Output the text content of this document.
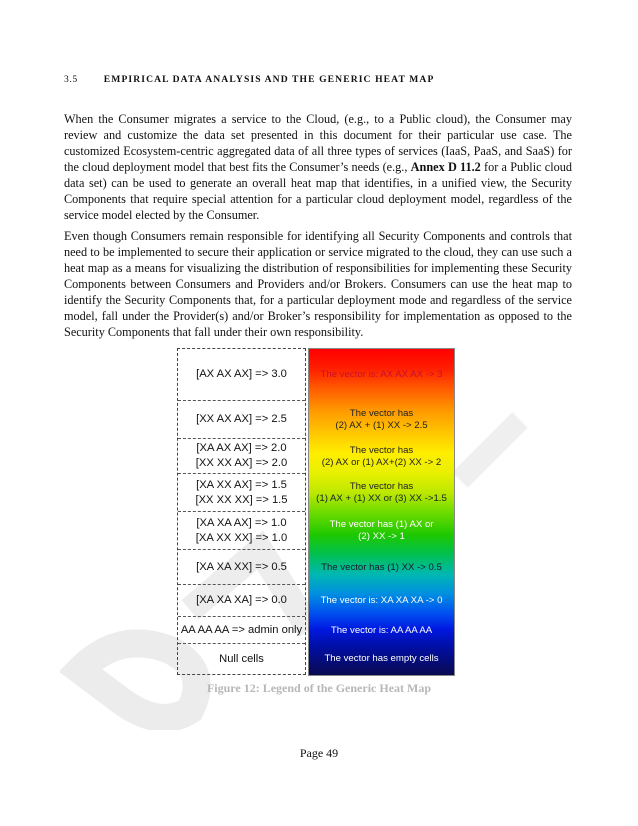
3.5	EMPIRICAL DATA ANALYSIS AND THE GENERIC HEAT MAP

When the Consumer migrates a service to the Cloud, (e.g., to a Public cloud), the Consumer may review and customize the data set presented in this document for their particular use case. The customized Ecosystem-centric aggregated data of all three types of services (IaaS, PaaS, and SaaS) for the cloud deployment model that best fits the Consumer’s needs (e.g., Annex D 11.2 for a Public cloud data set) can be used to generate an overall heat map that identifies, in a unified view, the Security Components that require special attention for a particular cloud deployment model, regardless of the service model elected by the Consumer.

Even though Consumers remain responsible for identifying all Security Components and controls that need to be implemented to secure their application or service migrated to the cloud, they can use such a heat map as a means for visualizing the distribution of responsibilities for implementing these Security Components between Consumers and Providers and/or Brokers. Consumers can use the heat map to identify the Security Components that, for a particular deployment mode and regardless of the service model, fall under the Provider(s) and/or Broker’s responsibility for implementation as opposed to the Security Components that fall under their own responsibility.

[AX AX AX] => 3.0
[XX AX AX] => 2.5
[XA AX AX] => 2.0
[XX XX AX] => 2.0
[XA XX AX] => 1.5
[XX XX XX] => 1.5
[XA XA AX] => 1.0
[XA XX XX] => 1.0
[XA XA XX] => 0.5
[XA XA XA] => 0.0
AA AA AA => admin only
Null cells
The vector is: AX AX AX -> 3
The vector has
(2) AX + (1) XX -> 2.5
The vector has
(2) AX or (1) AX+(2) XX -> 2
The vector has
(1) AX + (1) XX or (3) XX ->1.5
The vector has (1) AX or
(2) XX -> 1
The vector has (1) XX -> 0.5
The vector is: XA XA XA -> 0
The vector is: AA AA AA
The vector has empty cells
Figure 12: Legend of the Generic Heat Map
Page 49
